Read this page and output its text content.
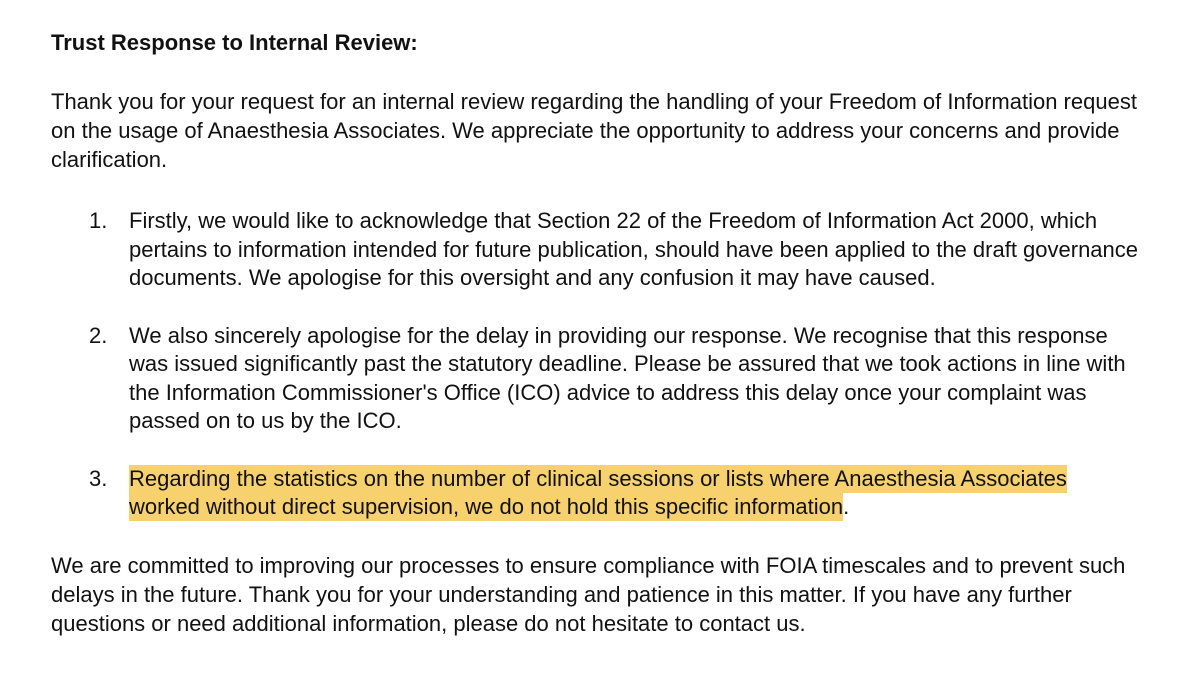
Trust Response to Internal Review:

Thank you for your request for an internal review regarding the handling of your Freedom of Information request on the usage of Anaesthesia Associates. We appreciate the opportunity to address your concerns and provide clarification.

1. Firstly, we would like to acknowledge that Section 22 of the Freedom of Information Act 2000, which pertains to information intended for future publication, should have been applied to the draft governance documents. We apologise for this oversight and any confusion it may have caused.
2. We also sincerely apologise for the delay in providing our response. We recognise that this response was issued significantly past the statutory deadline. Please be assured that we took actions in line with the Information Commissioner's Office (ICO) advice to address this delay once your complaint was passed on to us by the ICO.
3. Regarding the statistics on the number of clinical sessions or lists where Anaesthesia Associates worked without direct supervision, we do not hold this specific information.

We are committed to improving our processes to ensure compliance with FOIA timescales and to prevent such delays in the future. Thank you for your understanding and patience in this matter. If you have any further questions or need additional information, please do not hesitate to contact us.
